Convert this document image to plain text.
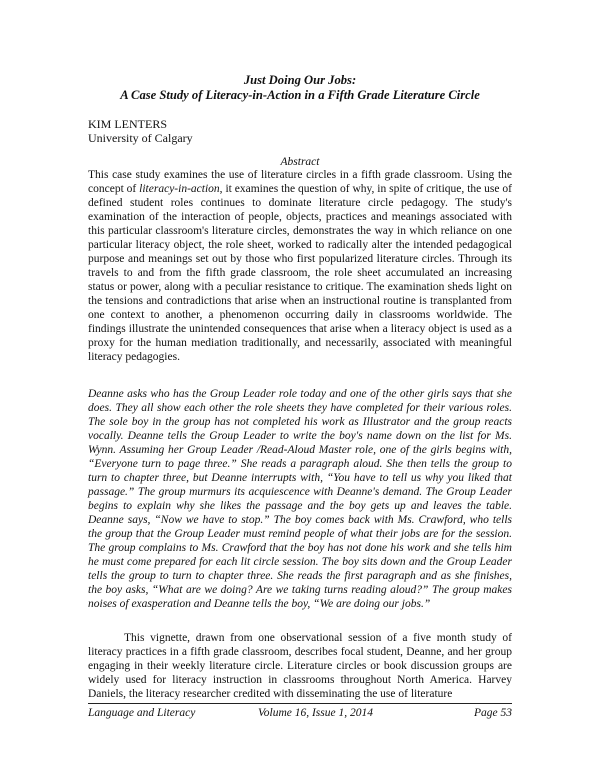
Just Doing Our Jobs:
A Case Study of Literacy-in-Action in a Fifth Grade Literature Circle
KIM LENTERS
University of Calgary
Abstract

This case study examines the use of literature circles in a fifth grade classroom. Using the concept of literacy-in-action, it examines the question of why, in spite of critique, the use of defined student roles continues to dominate literature circle pedagogy. The study's examination of the interaction of people, objects, practices and meanings associated with this particular classroom's literature circles, demonstrates the way in which reliance on one particular literacy object, the role sheet, worked to radically alter the intended pedagogical purpose and meanings set out by those who first popularized literature circles. Through its travels to and from the fifth grade classroom, the role sheet accumulated an increasing status or power, along with a peculiar resistance to critique. The examination sheds light on the tensions and contradictions that arise when an instructional routine is transplanted from one context to another, a phenomenon occurring daily in classrooms worldwide. The findings illustrate the unintended consequences that arise when a literacy object is used as a proxy for the human mediation traditionally, and necessarily, associated with meaningful literacy pedagogies.

Deanne asks who has the Group Leader role today and one of the other girls says that she does. They all show each other the role sheets they have completed for their various roles. The sole boy in the group has not completed his work as Illustrator and the group reacts vocally. Deanne tells the Group Leader to write the boy's name down on the list for Ms. Wynn. Assuming her Group Leader /Read-Aloud Master role, one of the girls begins with, “Everyone turn to page three.” She reads a paragraph aloud. She then tells the group to turn to chapter three, but Deanne interrupts with, “You have to tell us why you liked that passage.” The group murmurs its acquiescence with Deanne's demand. The Group Leader begins to explain why she likes the passage and the boy gets up and leaves the table. Deanne says, “Now we have to stop.” The boy comes back with Ms. Crawford, who tells the group that the Group Leader must remind people of what their jobs are for the session. The group complains to Ms. Crawford that the boy has not done his work and she tells him he must come prepared for each lit circle session. The boy sits down and the Group Leader tells the group to turn to chapter three. She reads the first paragraph and as she finishes, the boy asks, “What are we doing? Are we taking turns reading aloud?” The group makes noises of exasperation and Deanne tells the boy, “We are doing our jobs.”

This vignette, drawn from one observational session of a five month study of literacy practices in a fifth grade classroom, describes focal student, Deanne, and her group engaging in their weekly literature circle. Literature circles or book discussion groups are widely used for literacy instruction in classrooms throughout North America. Harvey Daniels, the literacy researcher credited with disseminating the use of literature

Language and Literacy	Volume 16, Issue 1, 2014	Page 53
